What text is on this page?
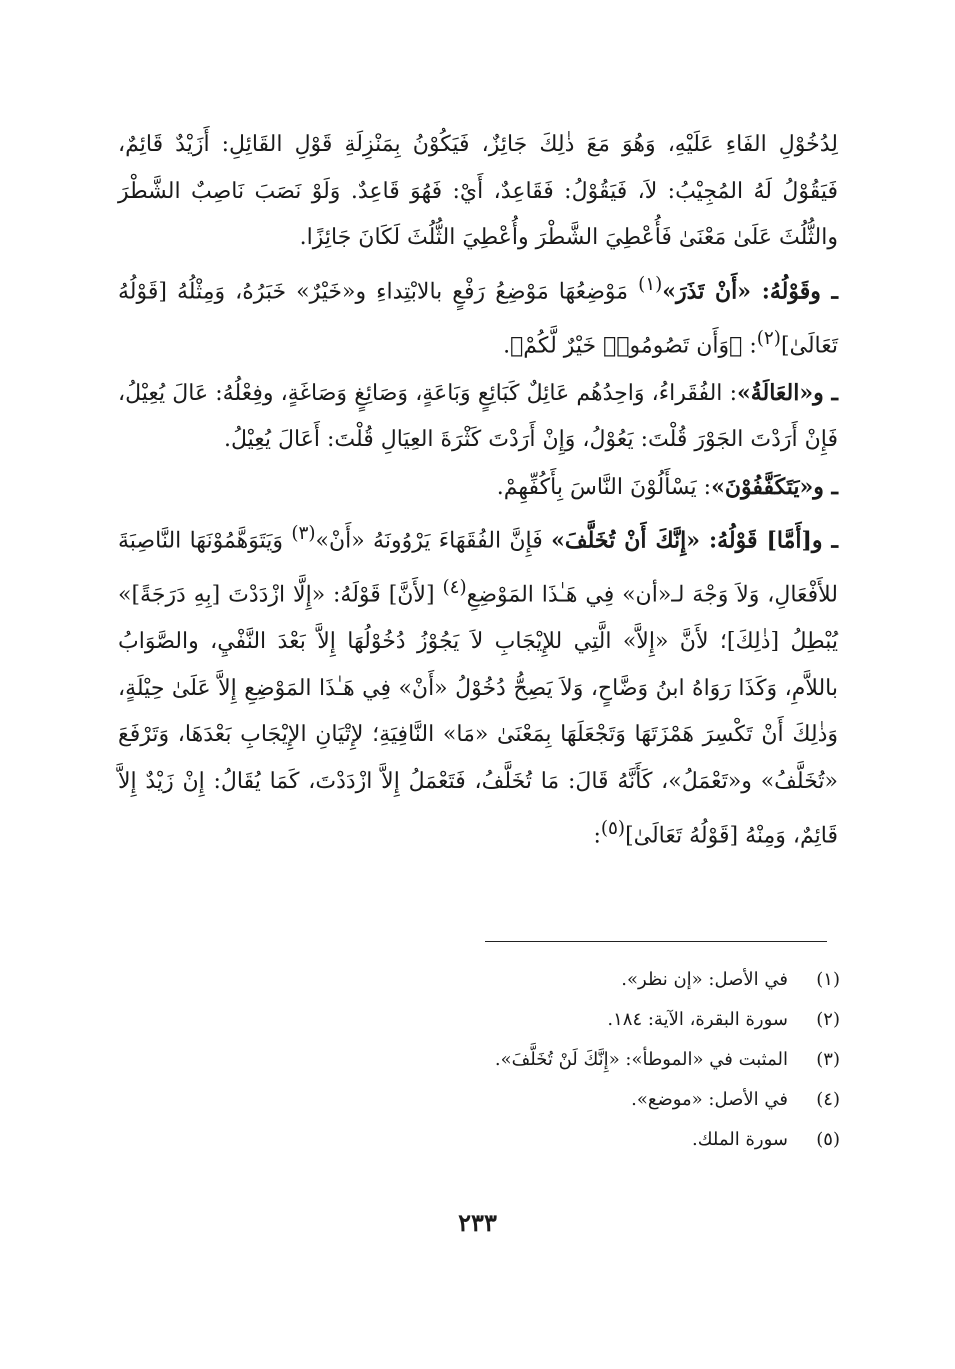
لِدُخُوْلِ الفَاءِ عَلَيْهِ، وَهُوَ مَعَ ذٰلِكَ جَائِزٌ، فَيَكُوْنُ بِمَنْزِلَةِ قَوْلِ القَائِلِ: أَزَيْدٌ قَائِمٌ، فَيَقُوْلُ لَهُ المُجِيْبُ: لاَ، فَيَقُوْلُ: فَقَاعِدٌ، أَيْ: فَهُوَ قَاعِدٌ. وَلَوْ نَصَبَ نَاصِبٌ الشَّطْرَ والثُّلُثَ عَلَىٰ مَعْنَىٰ فَأُعْطِيَ الشَّطْرَ وأُعْطِيَ الثُّلُثَ لَكَانَ جَائِزًا.

ـ وقَوْلُهُ: «أَنْ تَذَرَ»$^{(١)}$ مَوْضِعُهَا مَوْضِعُ رَفْعٍ بالابْتِداءِ و«خَيْرٌ» خَبَرُهُ، وَمِثْلُهُ [قَوْلُهُ تَعَالَىٰ]$^{(٢)}$: ﴿وَأَن تَصُومُوا۟ خَيْرٌ لَّكُمْ﴾.

ـ و«العَالَةُ»: الفُقَراءُ، وَاحِدُهُم عَائِلٌ كَبَائِعٍ وَبَاعَةٍ، وَصَائِغٍ وَصَاغَةٍ، وفِعْلُهُ: عَالَ يُعِيْلُ، فَإِنْ أَرَدْتَ الجَوْرَ قُلْتَ: يَعُوْلُ، وَإِنْ أَرَدْتَ كَثْرَةَ العِيَالِ قُلْتَ: أَعَالَ يُعِيْلُ.

ـ و«يَتَكَفَّفُوْنَ»: يَسْأَلُوْنَ النَّاسَ بِأَكُفِّهِمْ.

ـ و[أَمَّا] قَوْلُهُ: «إِنَّكَ أَنْ تُخَلَّفَ» فَإِنَّ الفُقَهَاءَ يَرْوُونَهُ «أَنْ»$^{(٣)}$ وَيَتَوَهَّمُوْنَهَا النَّاصِبَةَ للأَفْعَالِ، وَلاَ وَجْهَ لـ«أن» فِي هَـٰذَا المَوْضِعِ$^{(٤)}$ [لأَنَّ] قَوْلَهُ: «إِلَّا ازْدَدْتَ [بِهِ دَرَجَةً]» يُبْطِلُ [ذٰلِكَ]؛ لأَنَّ «إِلاَّ» الَّتِي للإِيْجَابِ لاَ يَجُوْزُ دُخُوْلُهَا إِلاَّ بَعْدَ النَّفْيِ، والصَّوَابُ باللاَّمِ، وَكَذَا رَوَاهُ ابنُ وَضَّاحٍ، وَلاَ يَصِحُّ دُخُوْلُ «أَنْ» فِي هَـٰذَا المَوْضِعِ إِلاَّ عَلَىٰ حِيْلَةٍ، وَذٰلِكَ أَنْ تَكْسِرَ هَمْزَتَهَا وَتَجْعَلَهَا بِمَعْنَىٰ «مَا» النَّافِيَةِ؛ لإِتْيَانِ الإِيْجَابِ بَعْدَهَا، وَتَرْفَعَ «تُخَلَّفُ» و«تَعْمَلُ»، كَأَنَّهُ قَالَ: مَا تُخَلَّفُ، فَتَعْمَلُ إِلاَّ ازْدَدْتَ، كَمَا يُقَالُ: إِنْ زَيْدٌ إِلاَّ قَائِمٌ، وَمِنْهُ [قَوْلُهُ تَعَالَىٰ]$^{(٥)}$:

(١)
في الأصل: «إن نظر».
(٢)
سورة البقرة، الآية: ١٨٤.
(٣)
المثبت في «الموطأ»: «إِنَّكَ لَنْ تُخَلَّفَ».
(٤)
في الأصل: «موضع».
(٥)
سورة الملك.
٢٣٣
